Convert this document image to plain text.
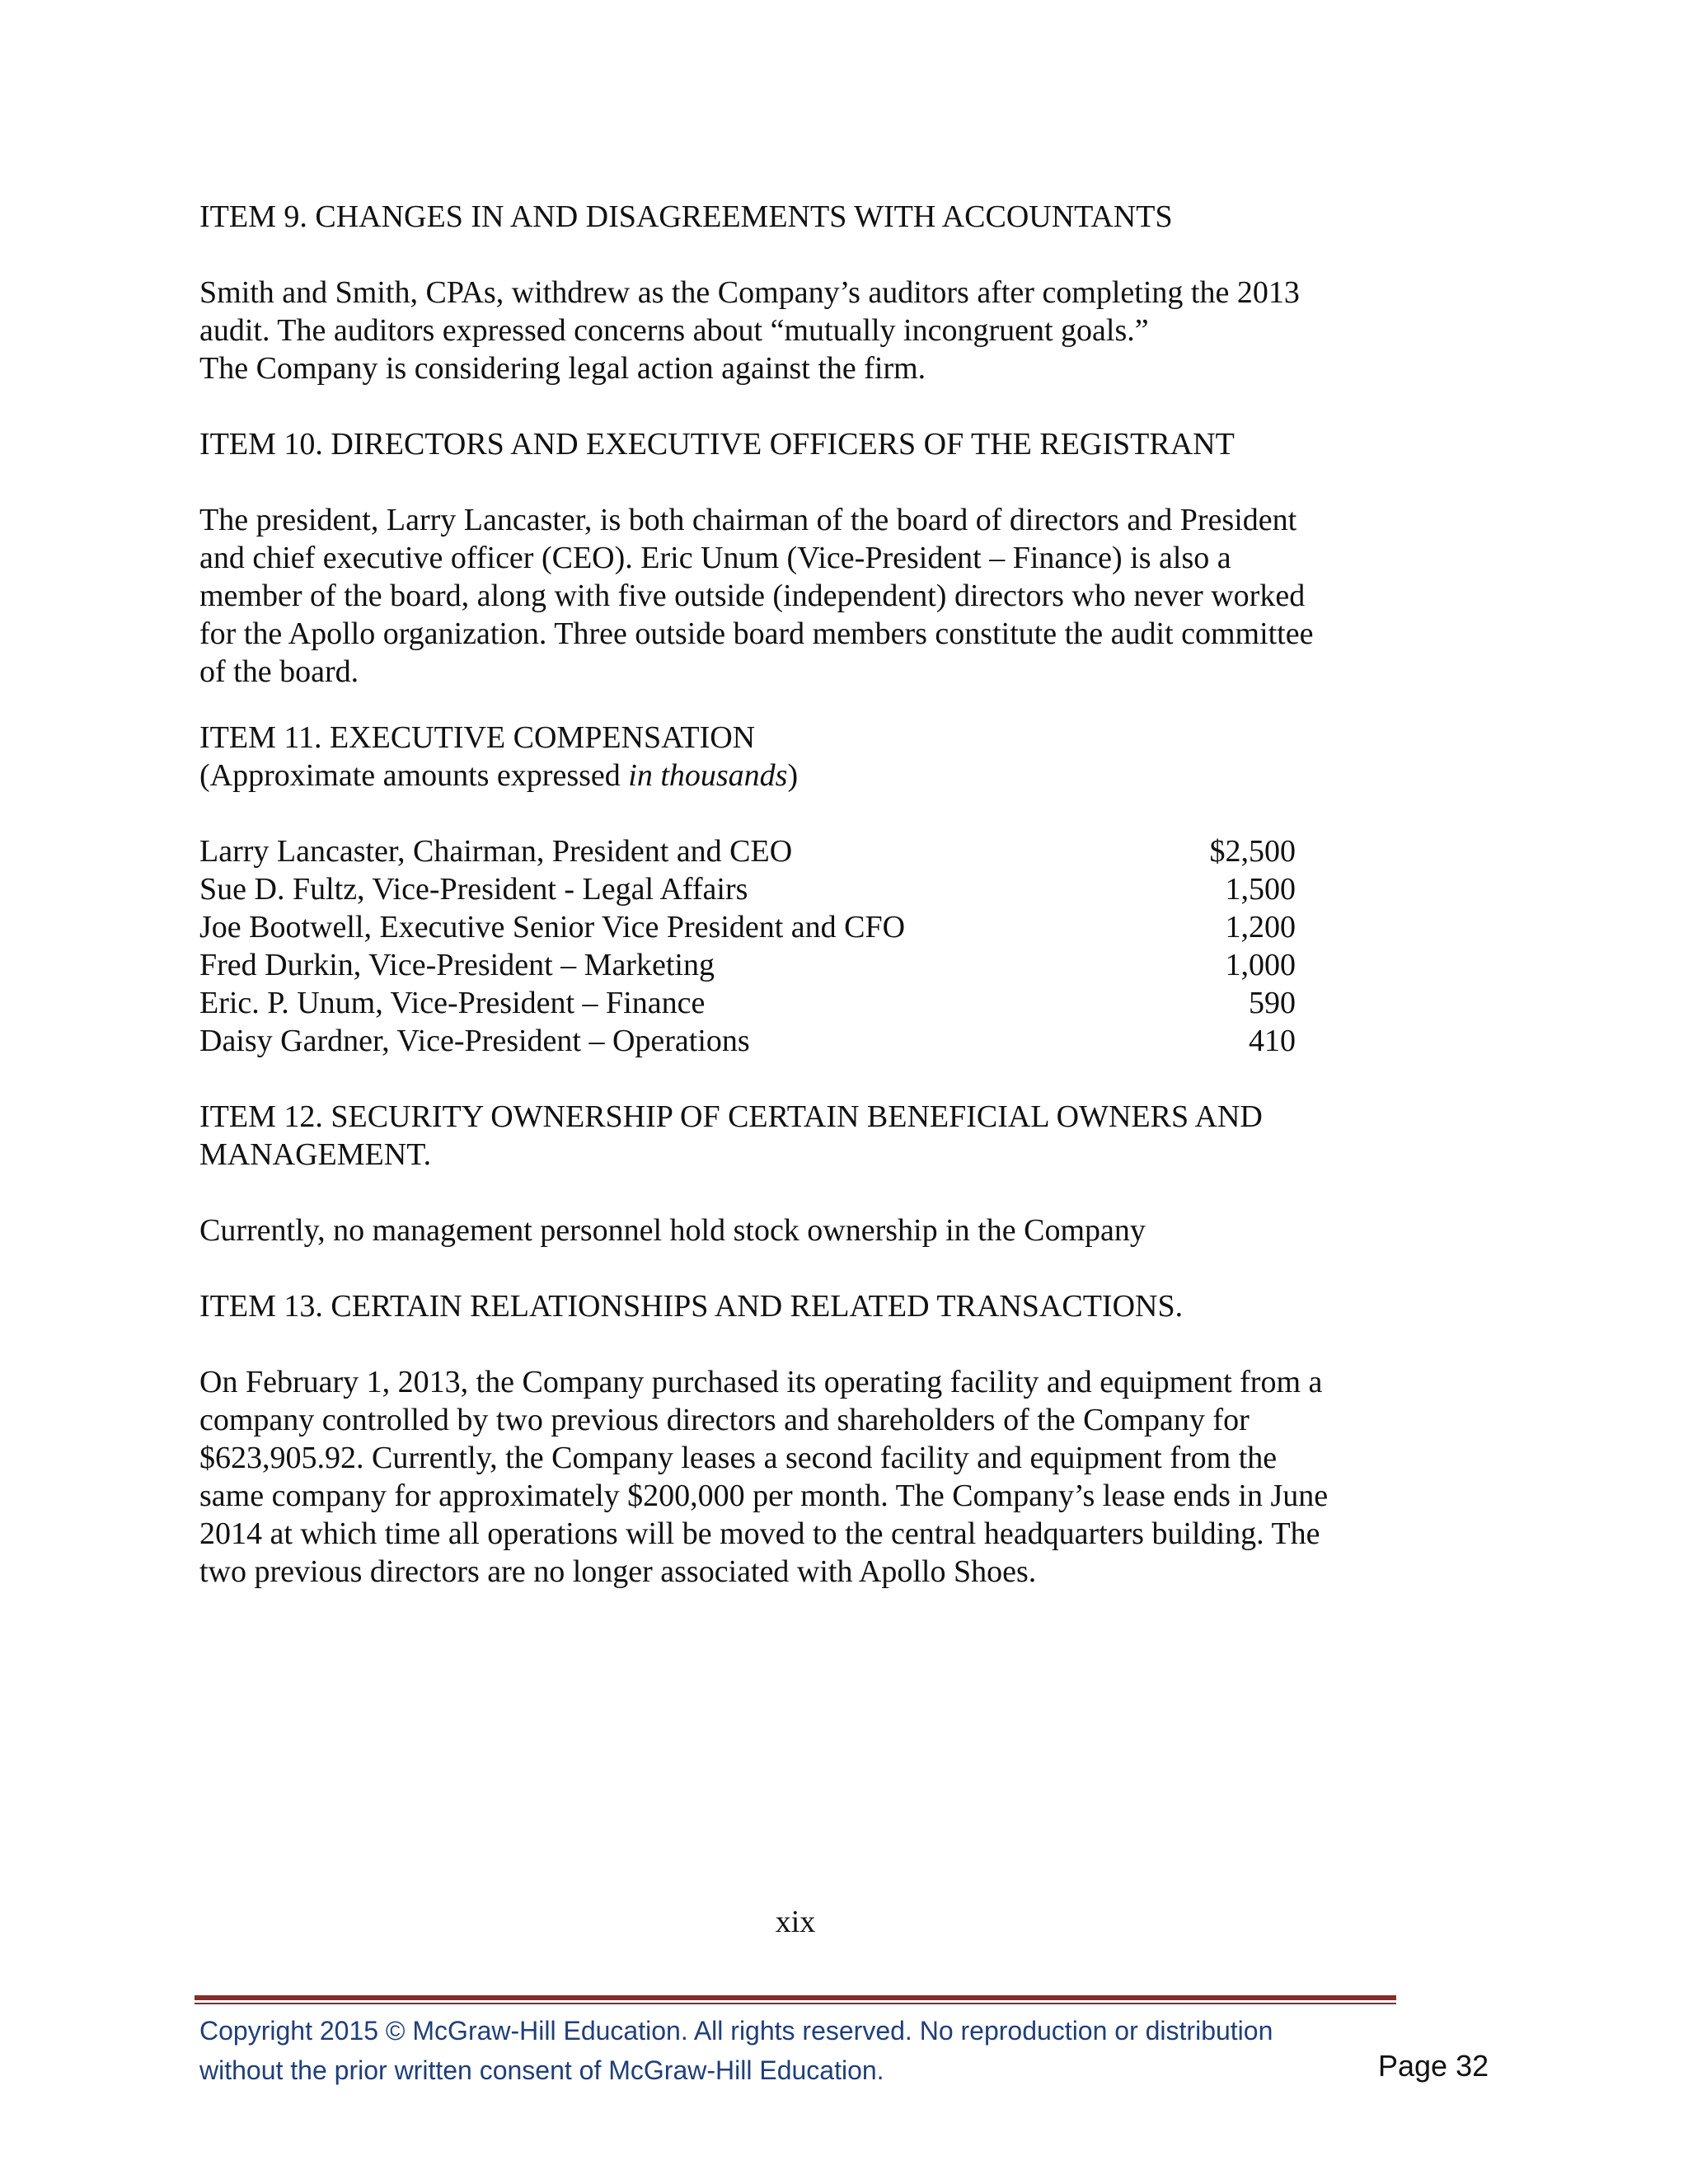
ITEM 9. CHANGES IN AND DISAGREEMENTS WITH ACCOUNTANTS

Smith and Smith, CPAs, withdrew as the Company’s auditors after completing the 2013

audit. The auditors expressed concerns about “mutually incongruent goals.”

The Company is considering legal action against the firm.

ITEM 10. DIRECTORS AND EXECUTIVE OFFICERS OF THE REGISTRANT

The president, Larry Lancaster, is both chairman of the board of directors and President

and chief executive officer (CEO). Eric Unum (Vice-President – Finance) is also a

member of the board, along with five outside (independent) directors who never worked

for the Apollo organization. Three outside board members constitute the audit committee

of the board.

ITEM 11. EXECUTIVE COMPENSATION

(Approximate amounts expressed in thousands)

Larry Lancaster, Chairman, President and CEO	$2,500
Sue D. Fultz, Vice-President - Legal Affairs	1,500
Joe Bootwell, Executive Senior Vice President and CFO	1,200
Fred Durkin, Vice-President – Marketing	1,000
Eric. P. Unum, Vice-President – Finance	590
Daisy Gardner, Vice-President – Operations	410

ITEM 12. SECURITY OWNERSHIP OF CERTAIN BENEFICIAL OWNERS AND

MANAGEMENT.

Currently, no management personnel hold stock ownership in the Company

ITEM 13. CERTAIN RELATIONSHIPS AND RELATED TRANSACTIONS.

On February 1, 2013, the Company purchased its operating facility and equipment from a

company controlled by two previous directors and shareholders of the Company for

$623,905.92. Currently, the Company leases a second facility and equipment from the

same company for approximately $200,000 per month. The Company’s lease ends in June

2014 at which time all operations will be moved to the central headquarters building. The

two previous directors are no longer associated with Apollo Shoes.

xix
Copyright 2015 © McGraw-Hill Education. All rights reserved. No reproduction or distribution
without the prior written consent of McGraw-Hill Education.	Page 32
